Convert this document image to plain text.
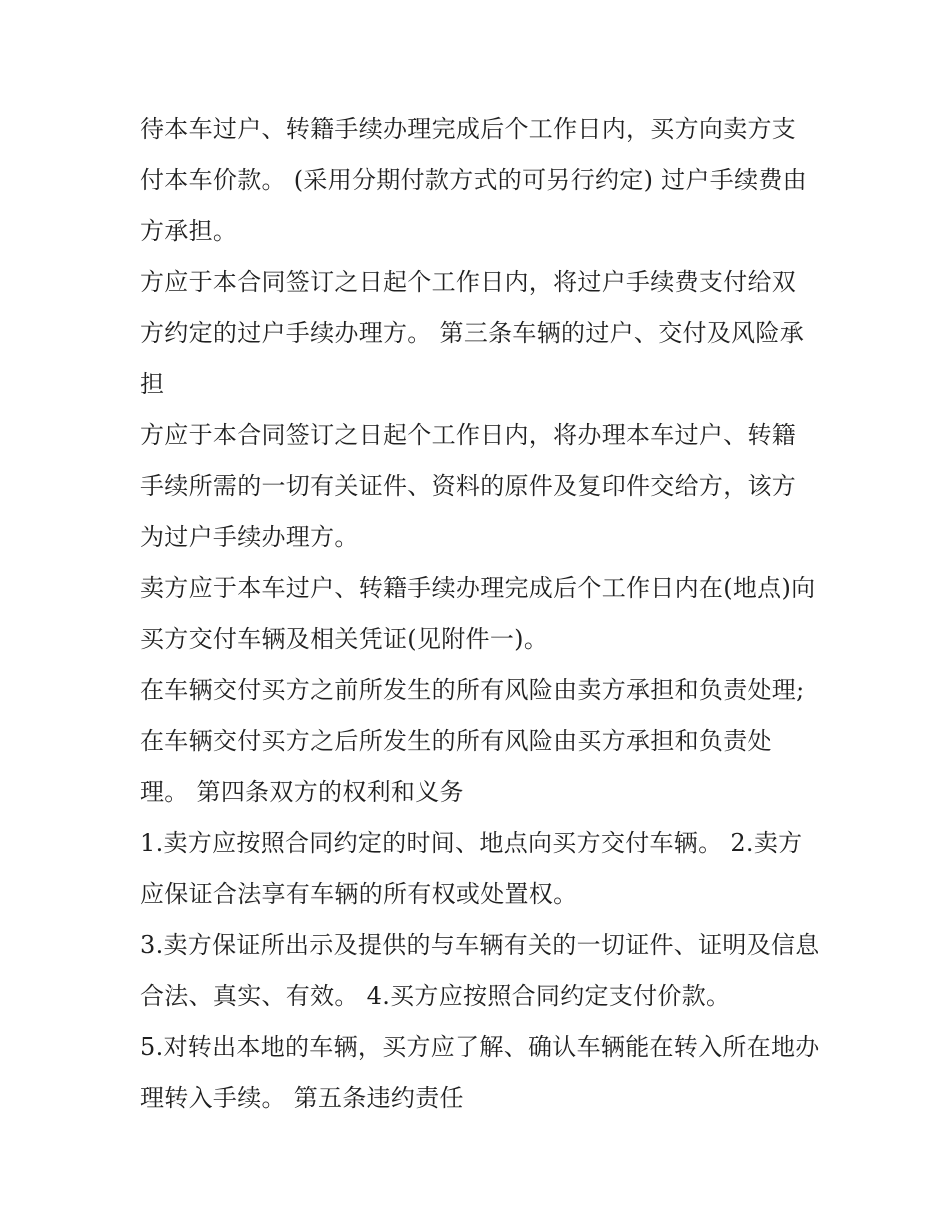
待本车过户、转籍手续办理完成后个工作日内，买方向卖方支付本车价款。 (采用分期付款方式的可另行约定) 过户手续费由方承担。

方应于本合同签订之日起个工作日内，将过户手续费支付给双方约定的过户手续办理方。 第三条车辆的过户、交付及风险承担

方应于本合同签订之日起个工作日内，将办理本车过户、转籍手续所需的一切有关证件、资料的原件及复印件交给方，该方为过户手续办理方。

卖方应于本车过户、转籍手续办理完成后个工作日内在(地点)向买方交付车辆及相关凭证(见附件一)。

在车辆交付买方之前所发生的所有风险由卖方承担和负责处理;在车辆交付买方之后所发生的所有风险由买方承担和负责处理。 第四条双方的权利和义务

1.卖方应按照合同约定的时间、地点向买方交付车辆。 2.卖方应保证合法享有车辆的所有权或处置权。

3.卖方保证所出示及提供的与车辆有关的一切证件、证明及信息合法、真实、有效。 4.买方应按照合同约定支付价款。

5.对转出本地的车辆，买方应了解、确认车辆能在转入所在地办理转入手续。 第五条违约责任
